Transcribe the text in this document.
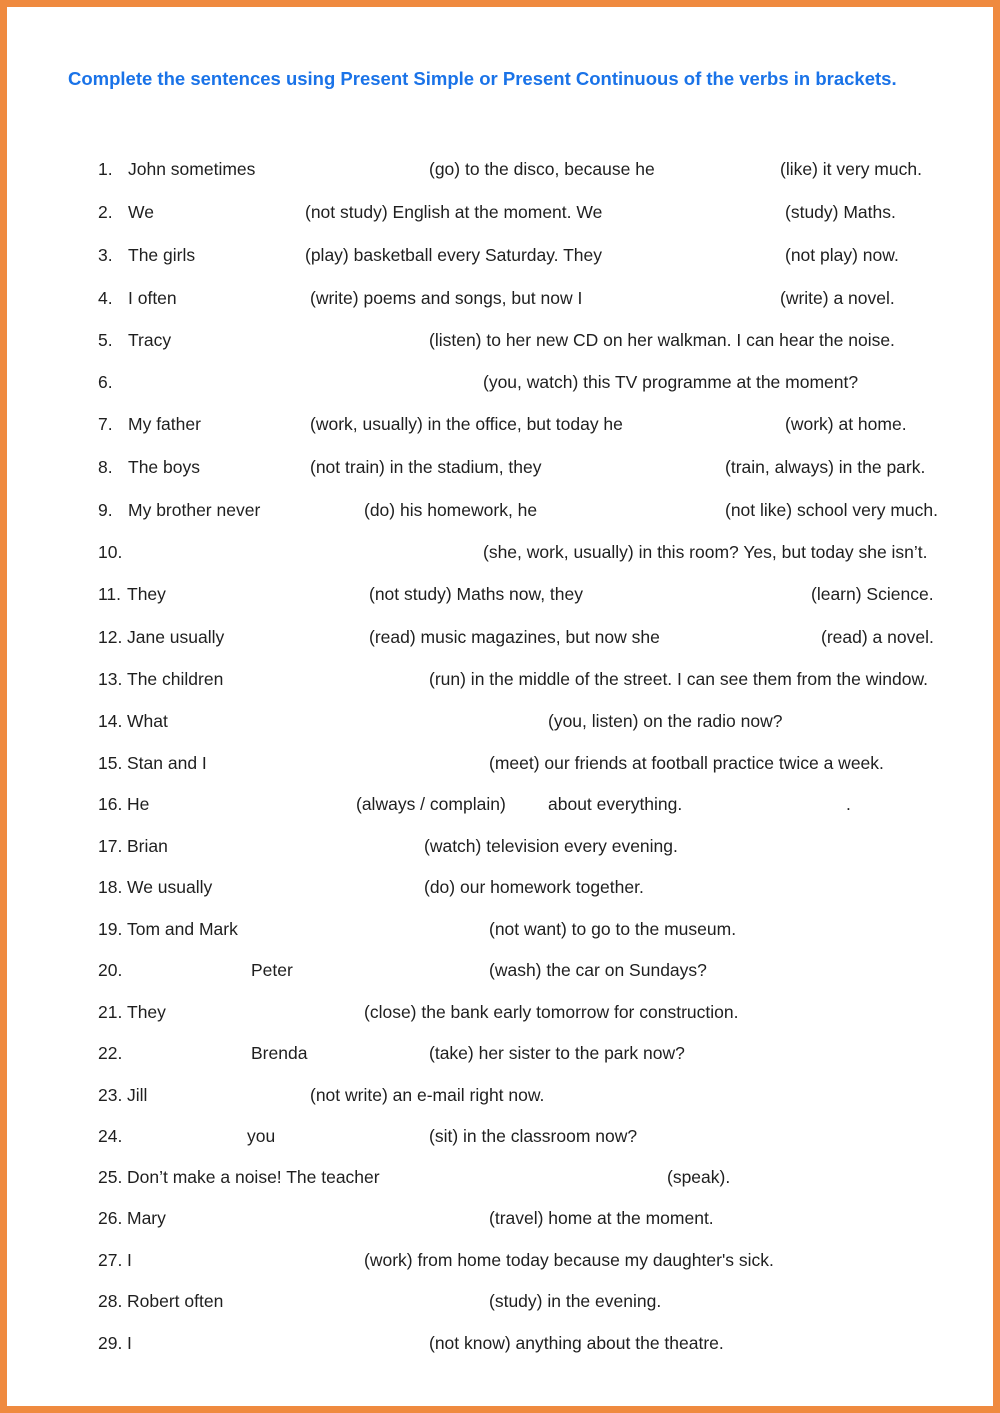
Complete the sentences using Present Simple or Present Continuous of the verbs in brackets.

1. John sometimes	(go) to the disco, because he	(like) it very much.
2. We	(not study) English at the moment. We	(study) Maths.
3. The girls	(play) basketball every Saturday. They	(not play) now.
4. I often	(write) poems and songs, but now I	(write) a novel.
5. Tracy	(listen) to her new CD on her walkman. I can hear the noise.
6.	(you, watch) this TV programme at the moment?
7. My father	(work, usually) in the office, but today he	(work) at home.
8. The boys	(not train) in the stadium, they	(train, always) in the park.
9. My brother never	(do) his homework, he	(not like) school very much.
10.	(she, work, usually) in this room? Yes, but today she isn’t.
11. They	(not study) Maths now, they	(learn) Science.
12. Jane usually	(read) music magazines, but now she	(read) a novel.
13. The children	(run) in the middle of the street. I can see them from the window.
14. What	(you, listen) on the radio now?
15. Stan and I	(meet) our friends at football practice twice a week.
16. He	(always / complain) about everything.	.
17. Brian	(watch) television every evening.
18. We usually	(do) our homework together.
19. Tom and Mark	(not want) to go to the museum.
20.	Peter	(wash) the car on Sundays?
21. They	(close) the bank early tomorrow for construction.
22.	Brenda	(take) her sister to the park now?
23. Jill	(not write) an e-mail right now.
24.	you	(sit) in the classroom now?
25. Don’t make a noise! The teacher	(speak).
26. Mary	(travel) home at the moment.
27. I	(work) from home today because my daughter's sick.
28. Robert often	(study) in the evening.
29. I	(not know) anything about the theatre.
